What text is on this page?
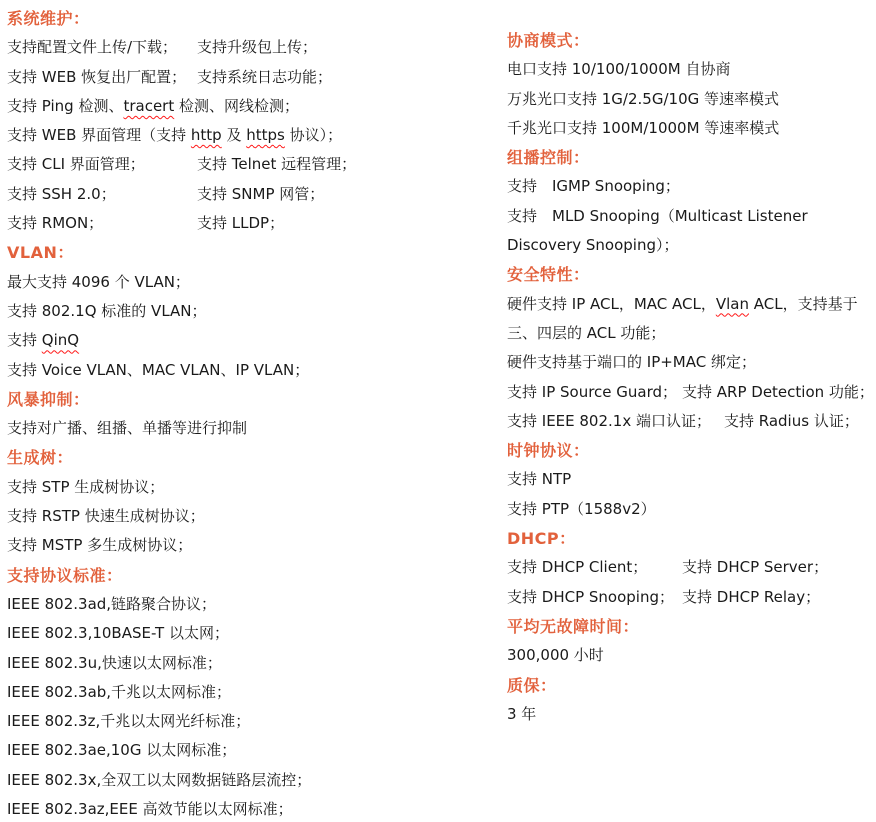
系统维护：
支持配置文件上传/下载； 支持升级包上传；
支持 WEB 恢复出厂配置； 支持系统日志功能；
支持 Ping 检测、tracert 检测、网线检测；
支持 WEB 界面管理（支持 http 及 https 协议）；
支持 CLI 界面管理；	支持 Telnet 远程管理；
支持 SSH 2.0；	支持 SNMP 网管；
支持 RMON；	支持 LLDP；
VLAN：
最大支持 4096 个 VLAN；
支持 802.1Q 标准的 VLAN；
支持 QinQ
支持 Voice VLAN、MAC VLAN、IP VLAN；
风暴抑制：
支持对广播、组播、单播等进行抑制
生成树：
支持 STP 生成树协议；
支持 RSTP 快速生成树协议；
支持 MSTP 多生成树协议；
支持协议标准：
IEEE 802.3ad,链路聚合协议；
IEEE 802.3,10BASE-T 以太网；
IEEE 802.3u,快速以太网标准；
IEEE 802.3ab,千兆以太网标准；
IEEE 802.3z,千兆以太网光纤标准；
IEEE 802.3ae,10G 以太网标准；
IEEE 802.3x,全双工以太网数据链路层流控；
IEEE 802.3az,EEE 高效节能以太网标准；
协商模式：
电口支持 10/100/1000M 自协商
万兆光口支持 1G/2.5G/10G 等速率模式
千兆光口支持 100M/1000M 等速率模式
组播控制：
支持　IGMP Snooping；
支持　MLD Snooping（Multicast Listener Discovery Snooping）；
安全特性：
硬件支持 IP ACL，MAC ACL，Vlan ACL，支持基于三、四层的 ACL 功能；
硬件支持基于端口的 IP+MAC 绑定；
支持 IP Source Guard； 支持 ARP Detection 功能；
支持 IEEE 802.1x 端口认证； 支持 Radius 认证；
时钟协议：
支持 NTP
支持 PTP（1588v2）
DHCP：
支持 DHCP Client； 支持 DHCP Server；
支持 DHCP Snooping； 支持 DHCP Relay；
平均无故障时间：
300,000 小时
质保：
3 年
